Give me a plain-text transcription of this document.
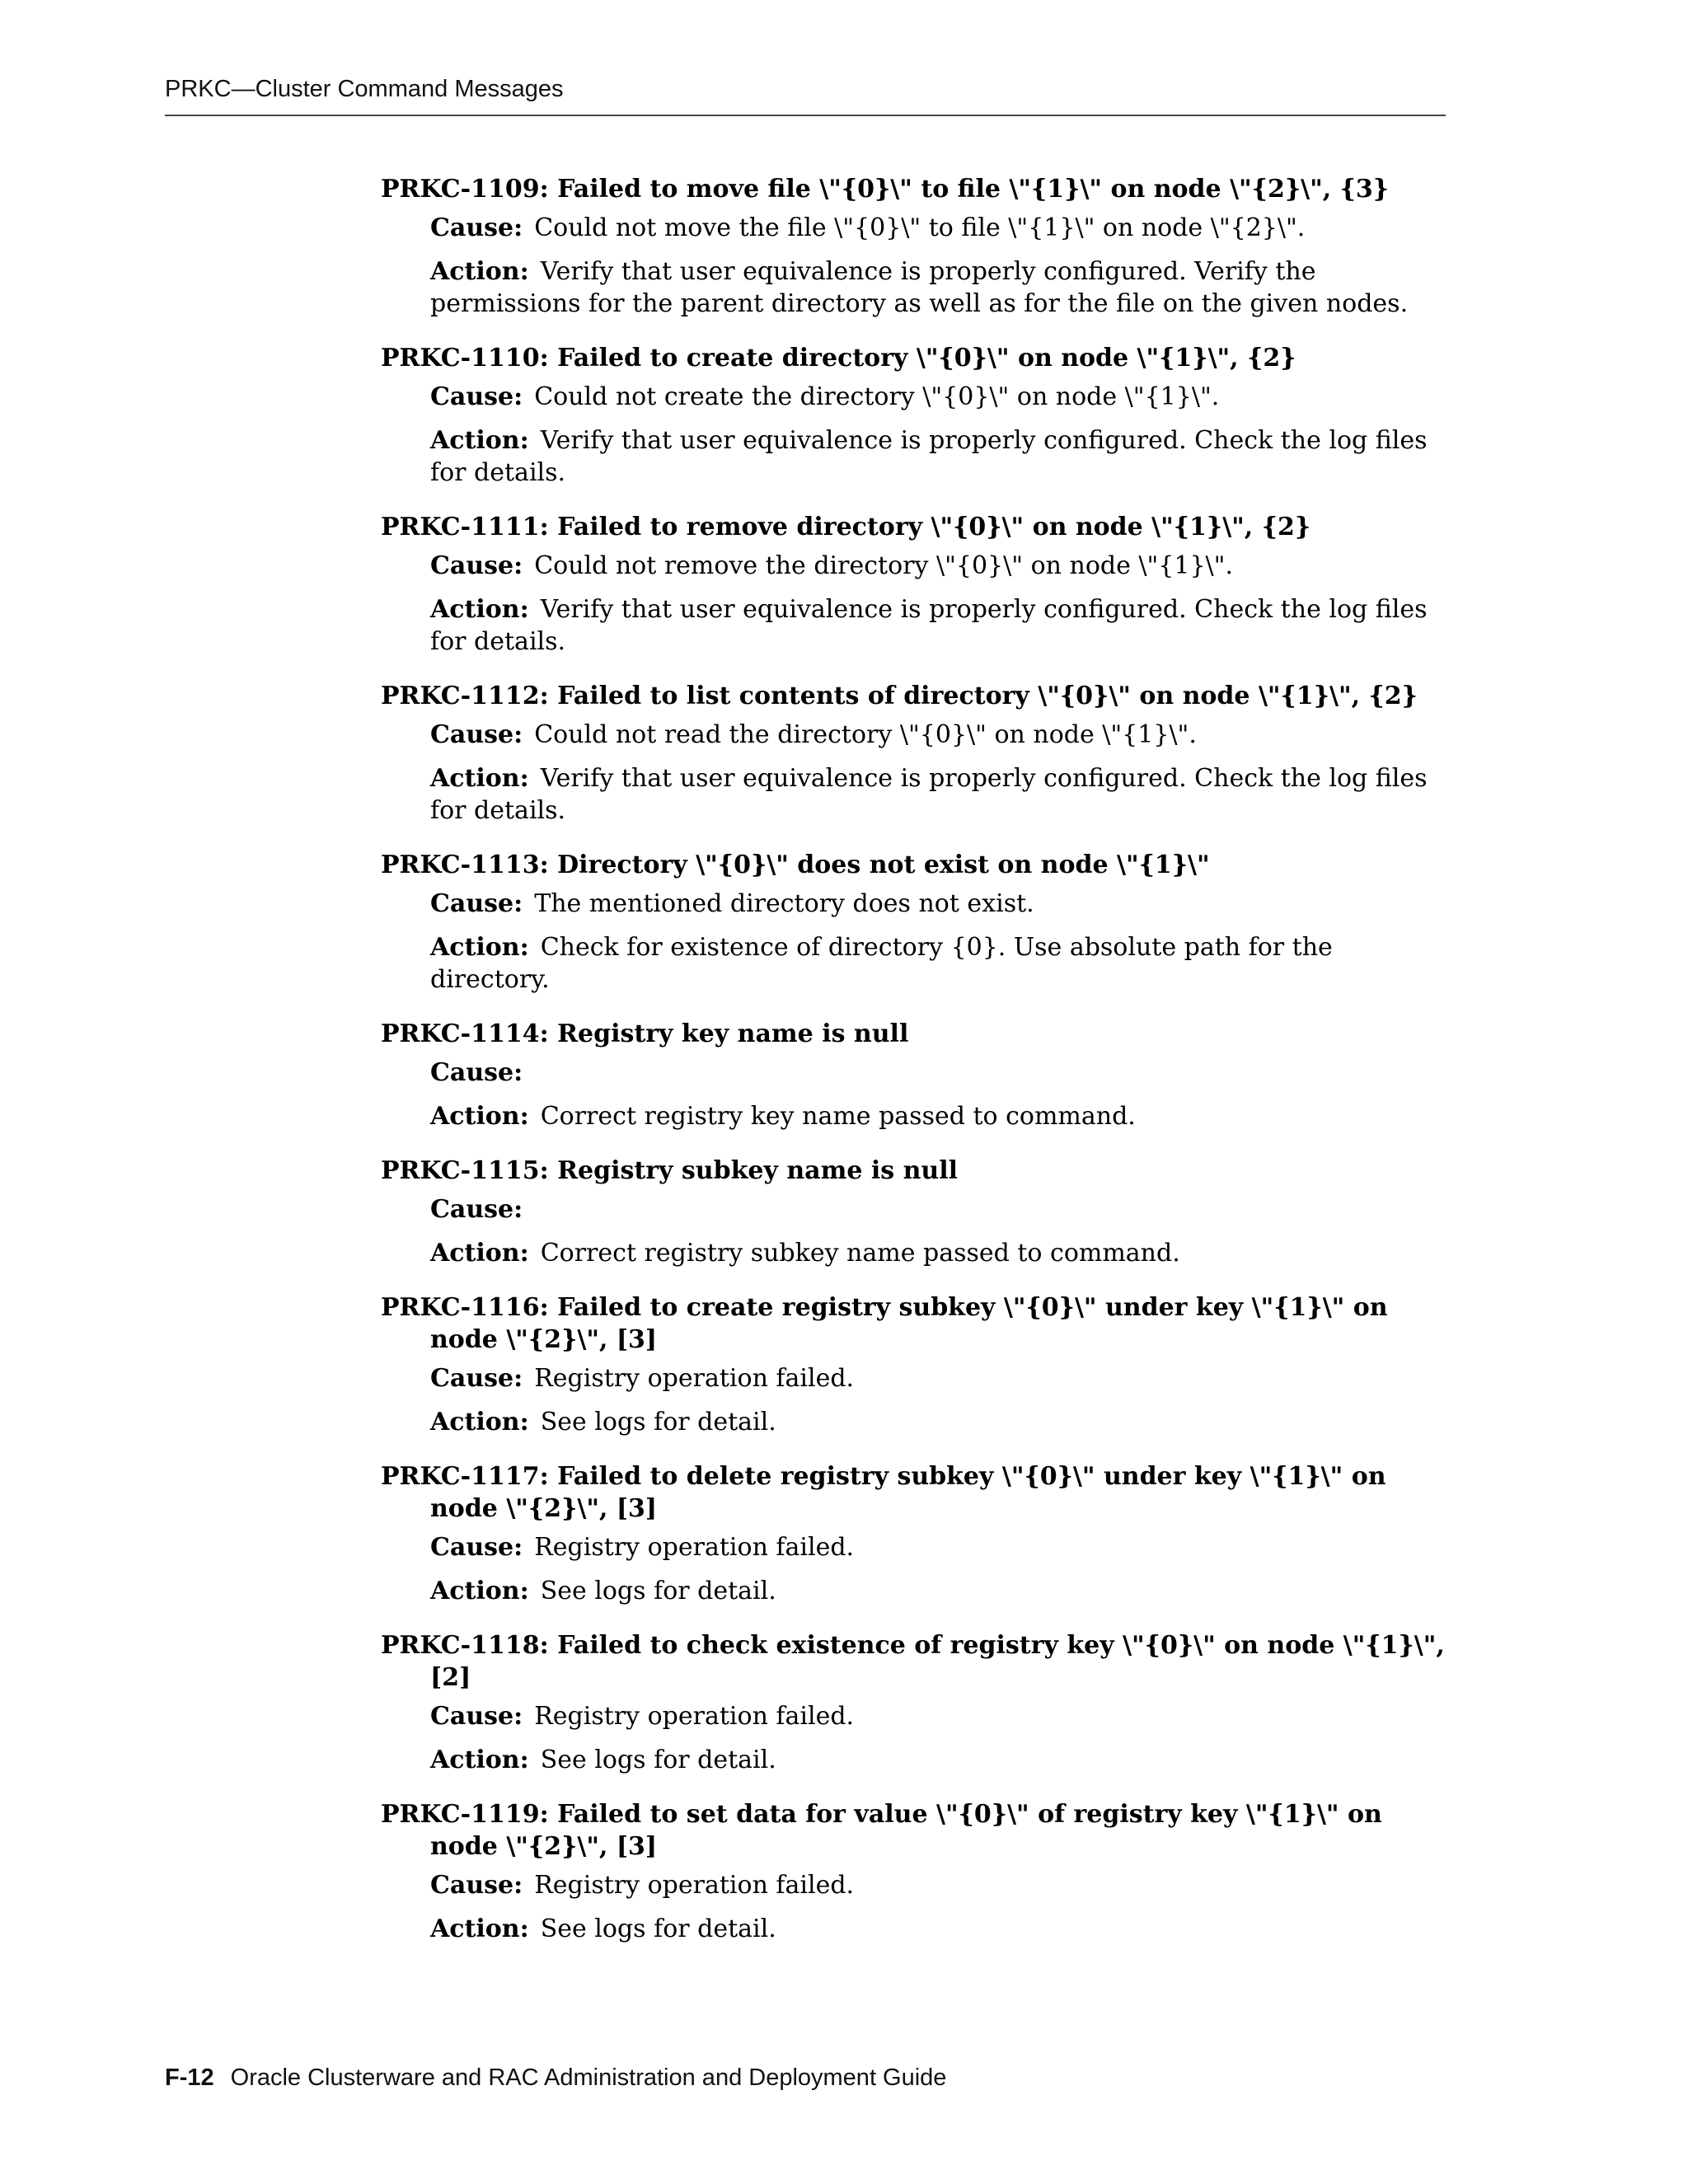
PRKC—Cluster Command Messages
PRKC-1109: Failed to move file \"{0}\" to file \"{1}\" on node \"{2}\", {3}
Cause: Could not move the file \"{0}\" to file \"{1}\" on node \"{2}\".
Action: Verify that user equivalence is properly configured. Verify the permissions for the parent directory as well as for the file on the given nodes.
PRKC-1110: Failed to create directory \"{0}\" on node \"{1}\", {2}
Cause: Could not create the directory \"{0}\" on node \"{1}\".
Action: Verify that user equivalence is properly configured. Check the log files for details.
PRKC-1111: Failed to remove directory \"{0}\" on node \"{1}\", {2}
Cause: Could not remove the directory \"{0}\" on node \"{1}\".
Action: Verify that user equivalence is properly configured. Check the log files for details.
PRKC-1112: Failed to list contents of directory \"{0}\" on node \"{1}\", {2}
Cause: Could not read the directory \"{0}\" on node \"{1}\".
Action: Verify that user equivalence is properly configured. Check the log files for details.
PRKC-1113: Directory \"{0}\" does not exist on node \"{1}\"
Cause: The mentioned directory does not exist.
Action: Check for existence of directory {0}. Use absolute path for the directory.
PRKC-1114: Registry key name is null
Cause:
Action: Correct registry key name passed to command.
PRKC-1115: Registry subkey name is null
Cause:
Action: Correct registry subkey name passed to command.
PRKC-1116: Failed to create registry subkey \"{0}\" under key \"{1}\" on node \"{2}\", [3]
Cause: Registry operation failed.
Action: See logs for detail.
PRKC-1117: Failed to delete registry subkey \"{0}\" under key \"{1}\" on node \"{2}\", [3]
Cause: Registry operation failed.
Action: See logs for detail.
PRKC-1118: Failed to check existence of registry key \"{0}\" on node \"{1}\", [2]
Cause: Registry operation failed.
Action: See logs for detail.
PRKC-1119: Failed to set data for value \"{0}\" of registry key \"{1}\" on node \"{2}\", [3]
Cause: Registry operation failed.
Action: See logs for detail.
F-12 Oracle Clusterware and RAC Administration and Deployment Guide
